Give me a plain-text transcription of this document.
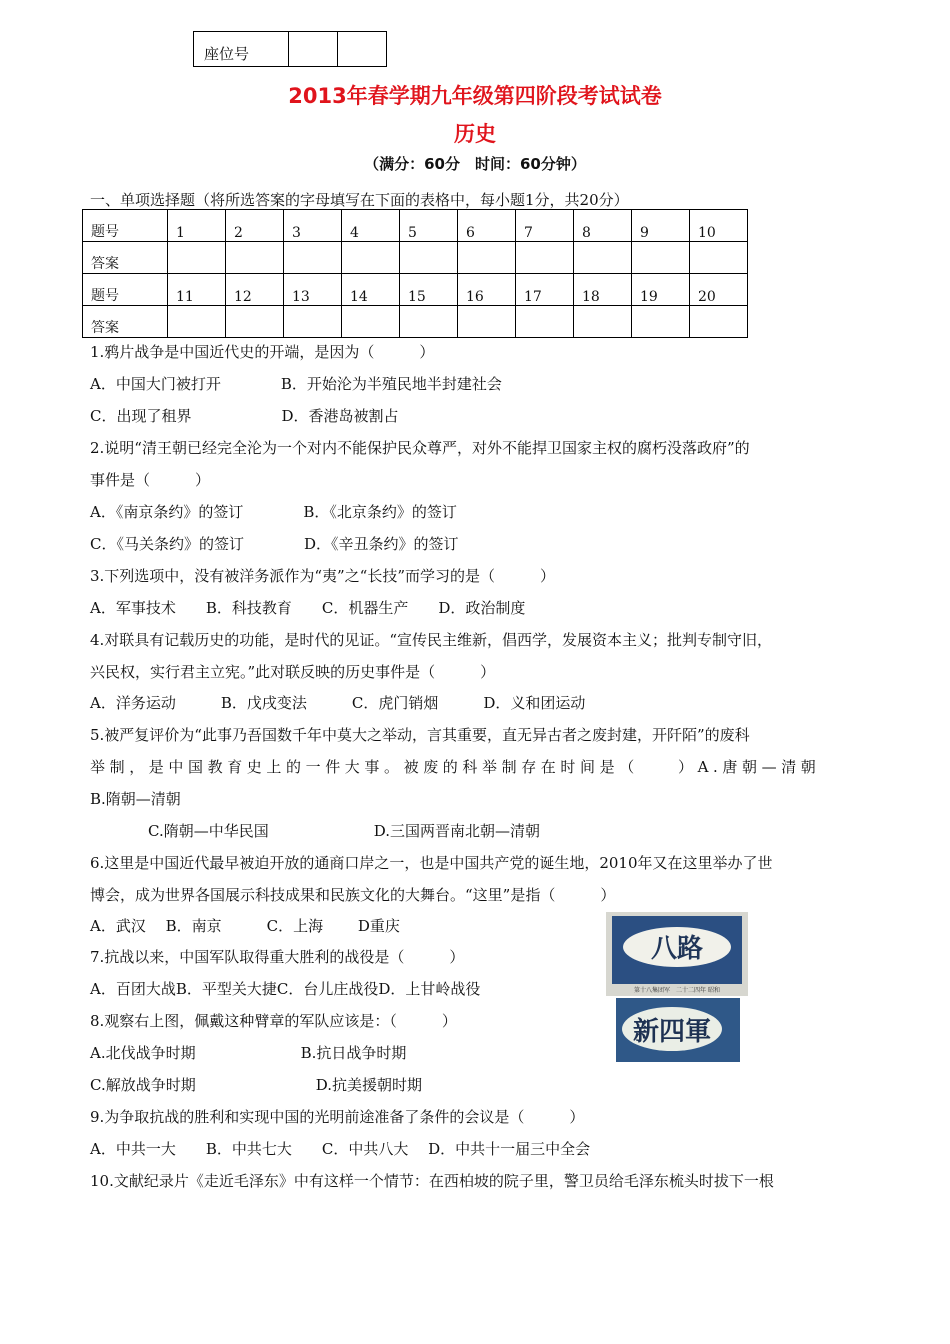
座位号		
2013年春学期九年级第四阶段考试试卷
历史
（满分：60分　时间：60分钟）
一、单项选择题（将所选答案的字母填写在下面的表格中，每小题1分，共20分）
题号	1	2	3	4	5	6	7	8	9	10
答案										
题号	11	12	13	14	15	16	17	18	19	20
答案										
1.鸦片战争是中国近代史的开端，是因为（　　　）
A．中国大门被打开　　　　B．开始沦为半殖民地半封建社会
C．出现了租界　　　　　　D．香港岛被割占
2.说明“清王朝已经完全沦为一个对内不能保护民众尊严，对外不能捍卫国家主权的腐朽没落政府”的
事件是（　　　）
A．《南京条约》的签订　　　　B．《北京条约》的签订
C．《马关条约》的签订　　　　D．《辛丑条约》的签订
3.下列选项中，没有被洋务派作为“夷”之“长技”而学习的是（　　　）
A．军事技术　　B．科技教育　　C．机器生产　　D．政治制度
4.对联具有记载历史的功能，是时代的见证。“宣传民主维新，倡西学，发展资本主义；批判专制守旧，
兴民权，实行君主立宪。”此对联反映的历史事件是（　　　）
A．洋务运动　　　B．戊戌变法　　　C．虎门销烟　　　D．义和团运动
5.被严复评价为“此事乃吾国数千年中莫大之举动，言其重要，直无异古者之废封建，开阡陌”的废科
举制，是中国教育史上的一件大事。被废的科举制存在时间是（　　）A.唐朝—清朝
B.隋朝—清朝
C.隋朝—中华民国　　　　　　　D.三国两晋南北朝—清朝
6.这里是中国近代最早被迫开放的通商口岸之一，也是中国共产党的诞生地，2010年又在这里举办了世
博会，成为世界各国展示科技成果和民族文化的大舞台。“这里”是指（　　　）
A．武汉　 B．南京　　　C．上海　　 D重庆
7.抗战以来，中国军队取得重大胜利的战役是（　　　）
A．百团大战B．平型关大捷C．台儿庄战役D．上甘岭战役
8.观察右上图，佩戴这种臂章的军队应该是：（　　　）
A.北伐战争时期　　　　　　　B.抗日战争时期
C.解放战争时期　　　　　　　　D.抗美援朝时期
9.为争取抗战的胜利和实现中国的光明前途准备了条件的会议是（　　　）
A．中共一大　　B．中共七大　　C．中共八大　 D．中共十一届三中全会
10.文献纪录片《走近毛泽东》中有这样一个情节：在西柏坡的院子里，警卫员给毛泽东梳头时拔下一根
八路
第十八集团军　二十二四年 昭和
新四軍
